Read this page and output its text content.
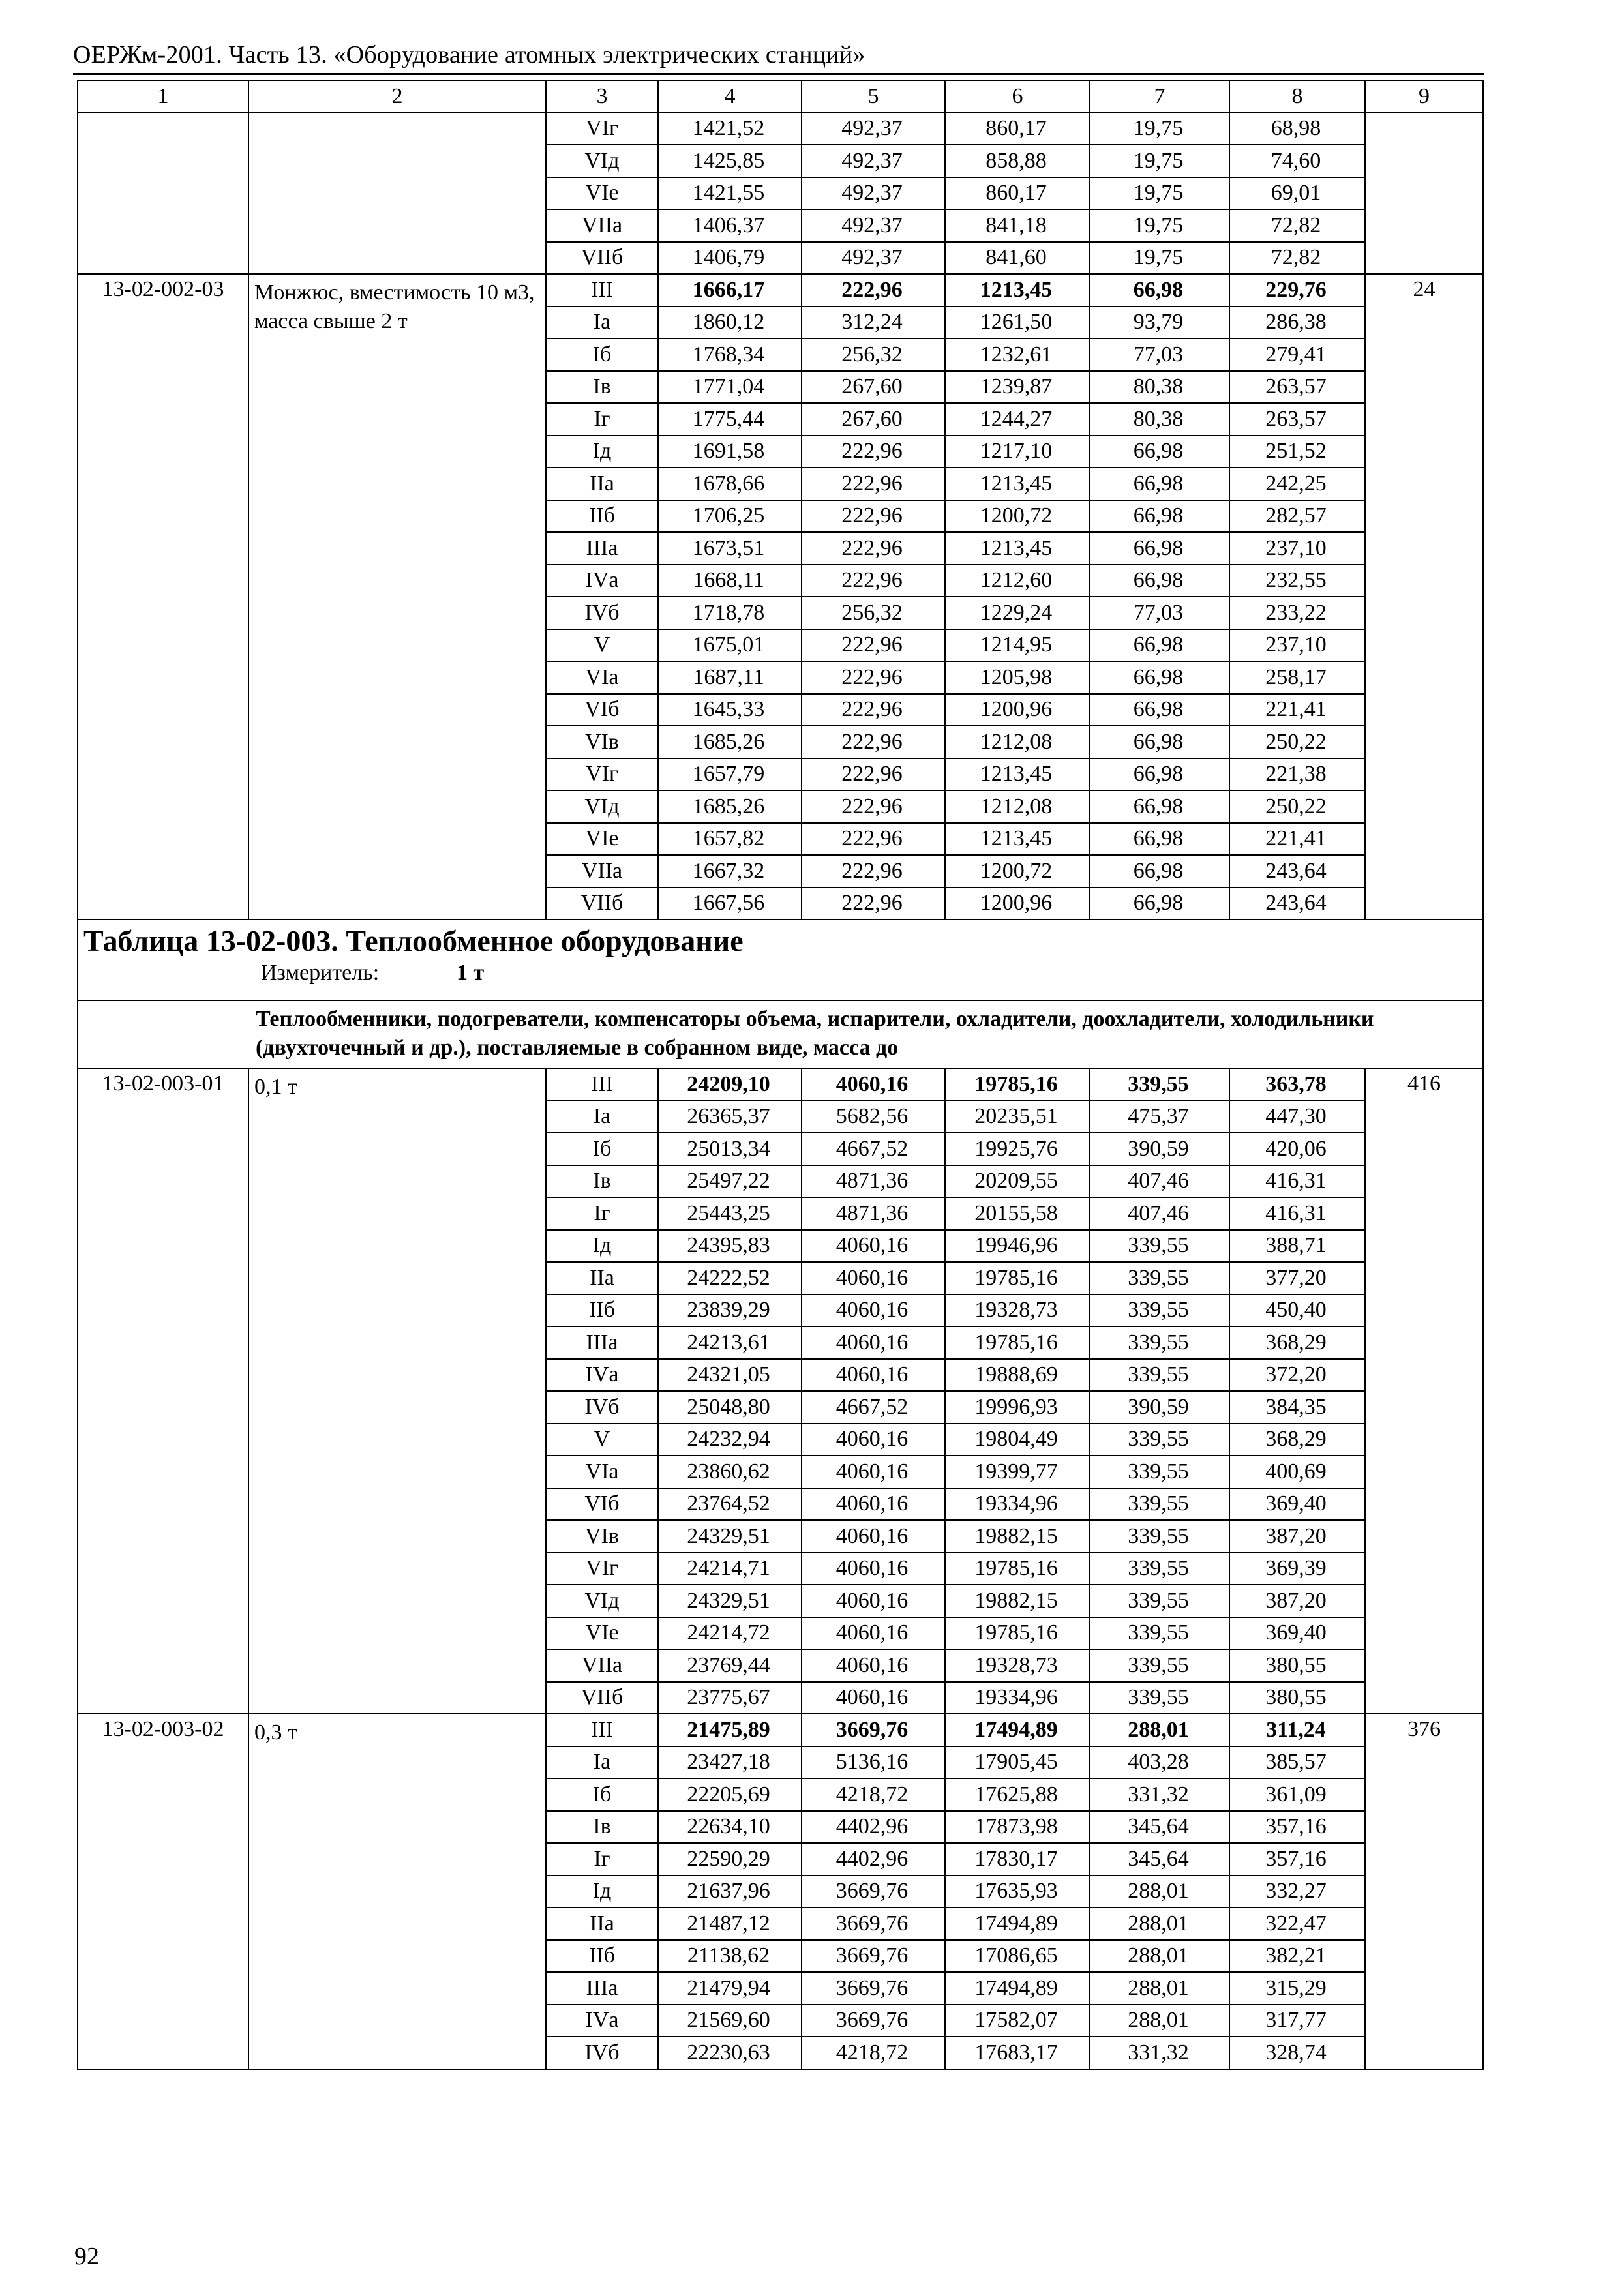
ОЕРЖм-2001. Часть 13. «Оборудование атомных электрических станций»
1	2	3	4	5	6	7	8	9
		VIг	1421,52	492,37	860,17	19,75	68,98	
		VIд	1425,85	492,37	858,88	19,75	74,60	
		VIе	1421,55	492,37	860,17	19,75	69,01	
		VIIа	1406,37	492,37	841,18	19,75	72,82	
		VIIб	1406,79	492,37	841,60	19,75	72,82	
13-02-002-03	Монжюс, вместимость 10 м3, масса свыше 2 т	III	1666,17	222,96	1213,45	66,98	229,76	24
		Iа	1860,12	312,24	1261,50	93,79	286,38	
		Iб	1768,34	256,32	1232,61	77,03	279,41	
		Iв	1771,04	267,60	1239,87	80,38	263,57	
		Iг	1775,44	267,60	1244,27	80,38	263,57	
		Iд	1691,58	222,96	1217,10	66,98	251,52	
		IIа	1678,66	222,96	1213,45	66,98	242,25	
		IIб	1706,25	222,96	1200,72	66,98	282,57	
		IIIа	1673,51	222,96	1213,45	66,98	237,10	
		IVа	1668,11	222,96	1212,60	66,98	232,55	
		IVб	1718,78	256,32	1229,24	77,03	233,22	
		V	1675,01	222,96	1214,95	66,98	237,10	
		VIа	1687,11	222,96	1205,98	66,98	258,17	
		VIб	1645,33	222,96	1200,96	66,98	221,41	
		VIв	1685,26	222,96	1212,08	66,98	250,22	
		VIг	1657,79	222,96	1213,45	66,98	221,38	
		VIд	1685,26	222,96	1212,08	66,98	250,22	
		VIе	1657,82	222,96	1213,45	66,98	221,41	
		VIIа	1667,32	222,96	1200,72	66,98	243,64	
		VIIб	1667,56	222,96	1200,96	66,98	243,64	

Таблица 13-02-003. Теплообменное оборудование
Измеритель: 1 т								

Теплообменники, подогреватели, компенсаторы объема, испарители, охладители, доохладители, холодильники (двухточечный и др.), поставляемые в собранном виде, масса до								
13-02-003-01	0,1 т	III	24209,10	4060,16	19785,16	339,55	363,78	416
		Iа	26365,37	5682,56	20235,51	475,37	447,30	
		Iб	25013,34	4667,52	19925,76	390,59	420,06	
		Iв	25497,22	4871,36	20209,55	407,46	416,31	
		Iг	25443,25	4871,36	20155,58	407,46	416,31	
		Iд	24395,83	4060,16	19946,96	339,55	388,71	
		IIа	24222,52	4060,16	19785,16	339,55	377,20	
		IIб	23839,29	4060,16	19328,73	339,55	450,40	
		IIIа	24213,61	4060,16	19785,16	339,55	368,29	
		IVа	24321,05	4060,16	19888,69	339,55	372,20	
		IVб	25048,80	4667,52	19996,93	390,59	384,35	
		V	24232,94	4060,16	19804,49	339,55	368,29	
		VIа	23860,62	4060,16	19399,77	339,55	400,69	
		VIб	23764,52	4060,16	19334,96	339,55	369,40	
		VIв	24329,51	4060,16	19882,15	339,55	387,20	
		VIг	24214,71	4060,16	19785,16	339,55	369,39	
		VIд	24329,51	4060,16	19882,15	339,55	387,20	
		VIе	24214,72	4060,16	19785,16	339,55	369,40	
		VIIа	23769,44	4060,16	19328,73	339,55	380,55	
		VIIб	23775,67	4060,16	19334,96	339,55	380,55	
13-02-003-02	0,3 т	III	21475,89	3669,76	17494,89	288,01	311,24	376
		Iа	23427,18	5136,16	17905,45	403,28	385,57	
		Iб	22205,69	4218,72	17625,88	331,32	361,09	
		Iв	22634,10	4402,96	17873,98	345,64	357,16	
		Iг	22590,29	4402,96	17830,17	345,64	357,16	
		Iд	21637,96	3669,76	17635,93	288,01	332,27	
		IIа	21487,12	3669,76	17494,89	288,01	322,47	
		IIб	21138,62	3669,76	17086,65	288,01	382,21	
		IIIа	21479,94	3669,76	17494,89	288,01	315,29	
		IVа	21569,60	3669,76	17582,07	288,01	317,77	
		IVб	22230,63	4218,72	17683,17	331,32	328,74	
92
